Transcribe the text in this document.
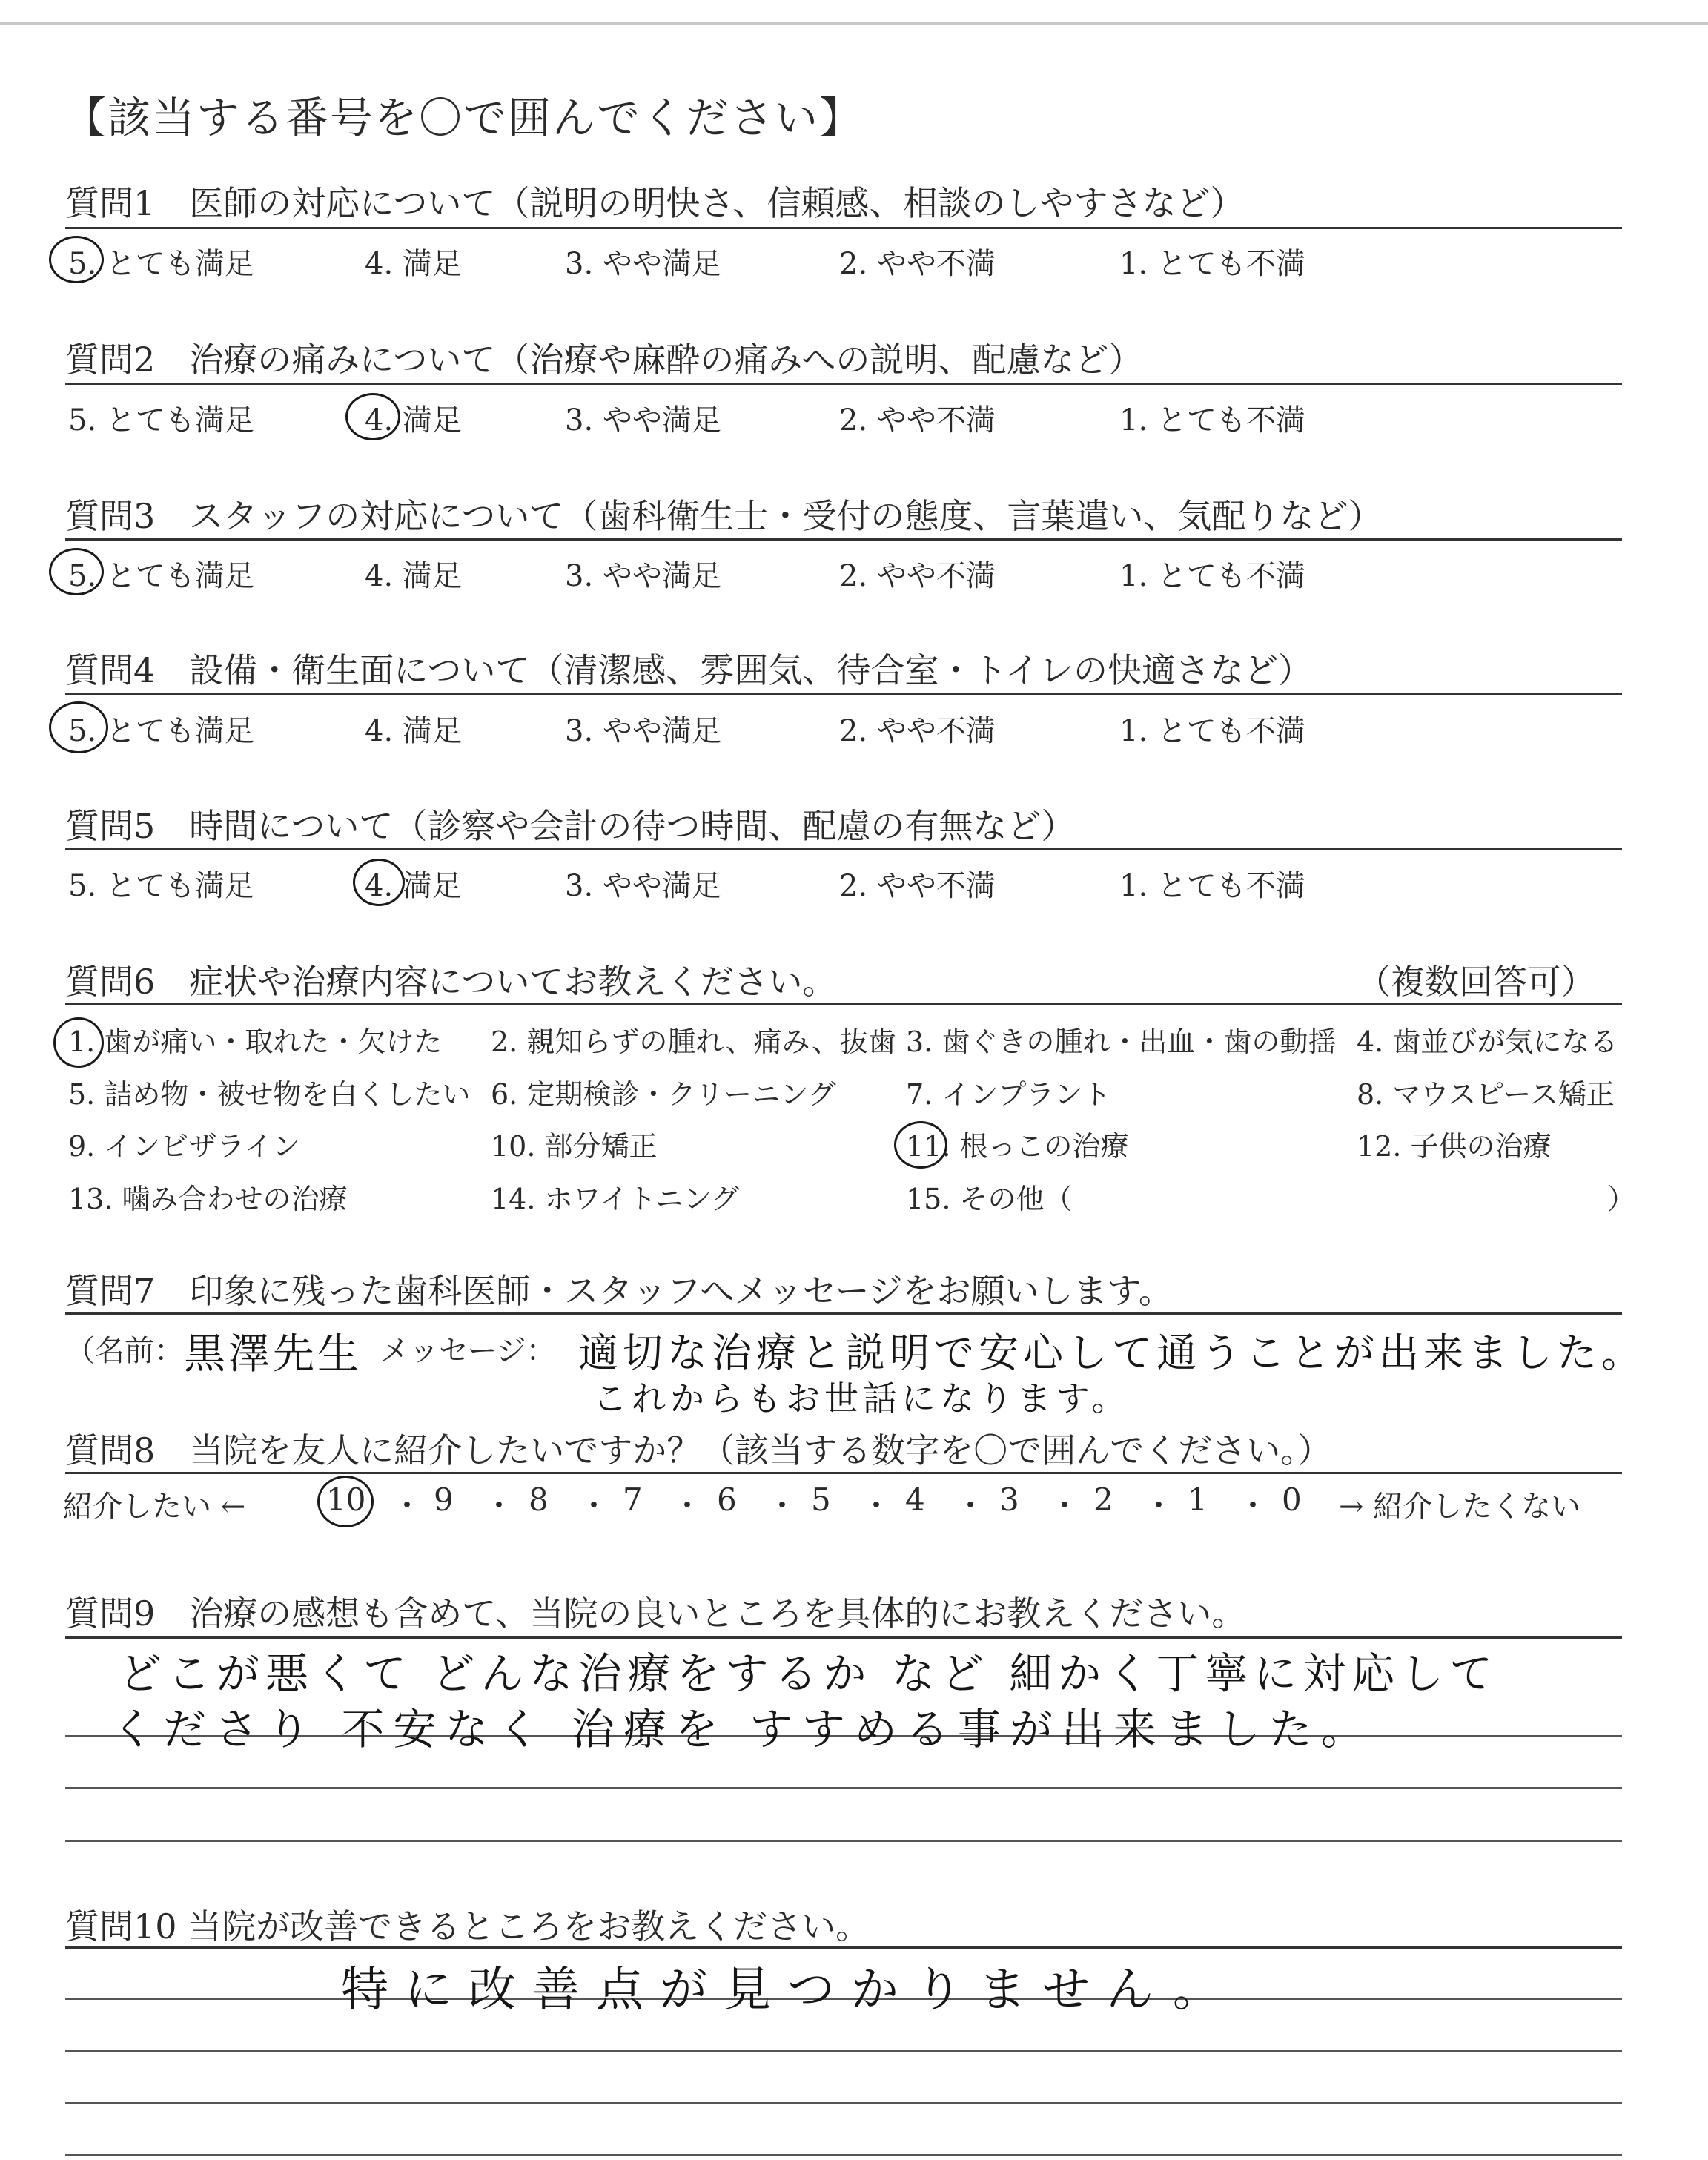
【該当する番号を〇で囲んでください】
質問1　医師の対応について（説明の明快さ、信頼感、相談のしやすさなど）
5. とても満足	4. 満足	3. やや満足	2. やや不満	1. とても不満
質問2　治療の痛みについて（治療や麻酔の痛みへの説明、配慮など）
5. とても満足	4. 満足	3. やや満足	2. やや不満	1. とても不満
質問3　スタッフの対応について（歯科衛生士・受付の態度、言葉遣い、気配りなど）
5. とても満足	4. 満足	3. やや満足	2. やや不満	1. とても不満
質問4　設備・衛生面について（清潔感、雰囲気、待合室・トイレの快適さなど）
5. とても満足	4. 満足	3. やや満足	2. やや不満	1. とても不満
質問5　時間について（診察や会計の待つ時間、配慮の有無など）
5. とても満足	4. 満足	3. やや満足	2. やや不満	1. とても不満
質問6　症状や治療内容についてお教えください。	（複数回答可）
1. 歯が痛い・取れた・欠けた 2. 親知らずの腫れ、痛み、抜歯 3. 歯ぐきの腫れ・出血・歯の動揺 4. 歯並びが気になる
5. 詰め物・被せ物を白くしたい 6. 定期検診・クリーニング 7. インプラント	8. マウスピース矯正
9. インビザライン	10. 部分矯正	11. 根っこの治療	12. 子供の治療
13. 噛み合わせの治療	14. ホワイトニング	15. その他（	）
質問7　印象に残った歯科医師・スタッフへメッセージをお願いします。
（名前： 黒澤先生 メッセージ： 適切な治療と説明で安心して通うことが出来ました。
これからもお世話になります。
質問8　当院を友人に紹介したいですか？（該当する数字を〇で囲んでください。）
紹介したい ←	10 ・ 9 ・ 8 ・ 7 ・ 6 ・ 5 ・ 4 ・ 3 ・ 2 ・ 1 ・ 0 → 紹介したくない
質問9　治療の感想も含めて、当院の良いところを具体的にお教えください。
どこが悪くて どんな治療をするか など 細かく丁寧に対応して
くださり 不安なく 治療を すすめる事が出来ました。
質問10 当院が改善できるところをお教えください。
特に改善点が見つかりません。
